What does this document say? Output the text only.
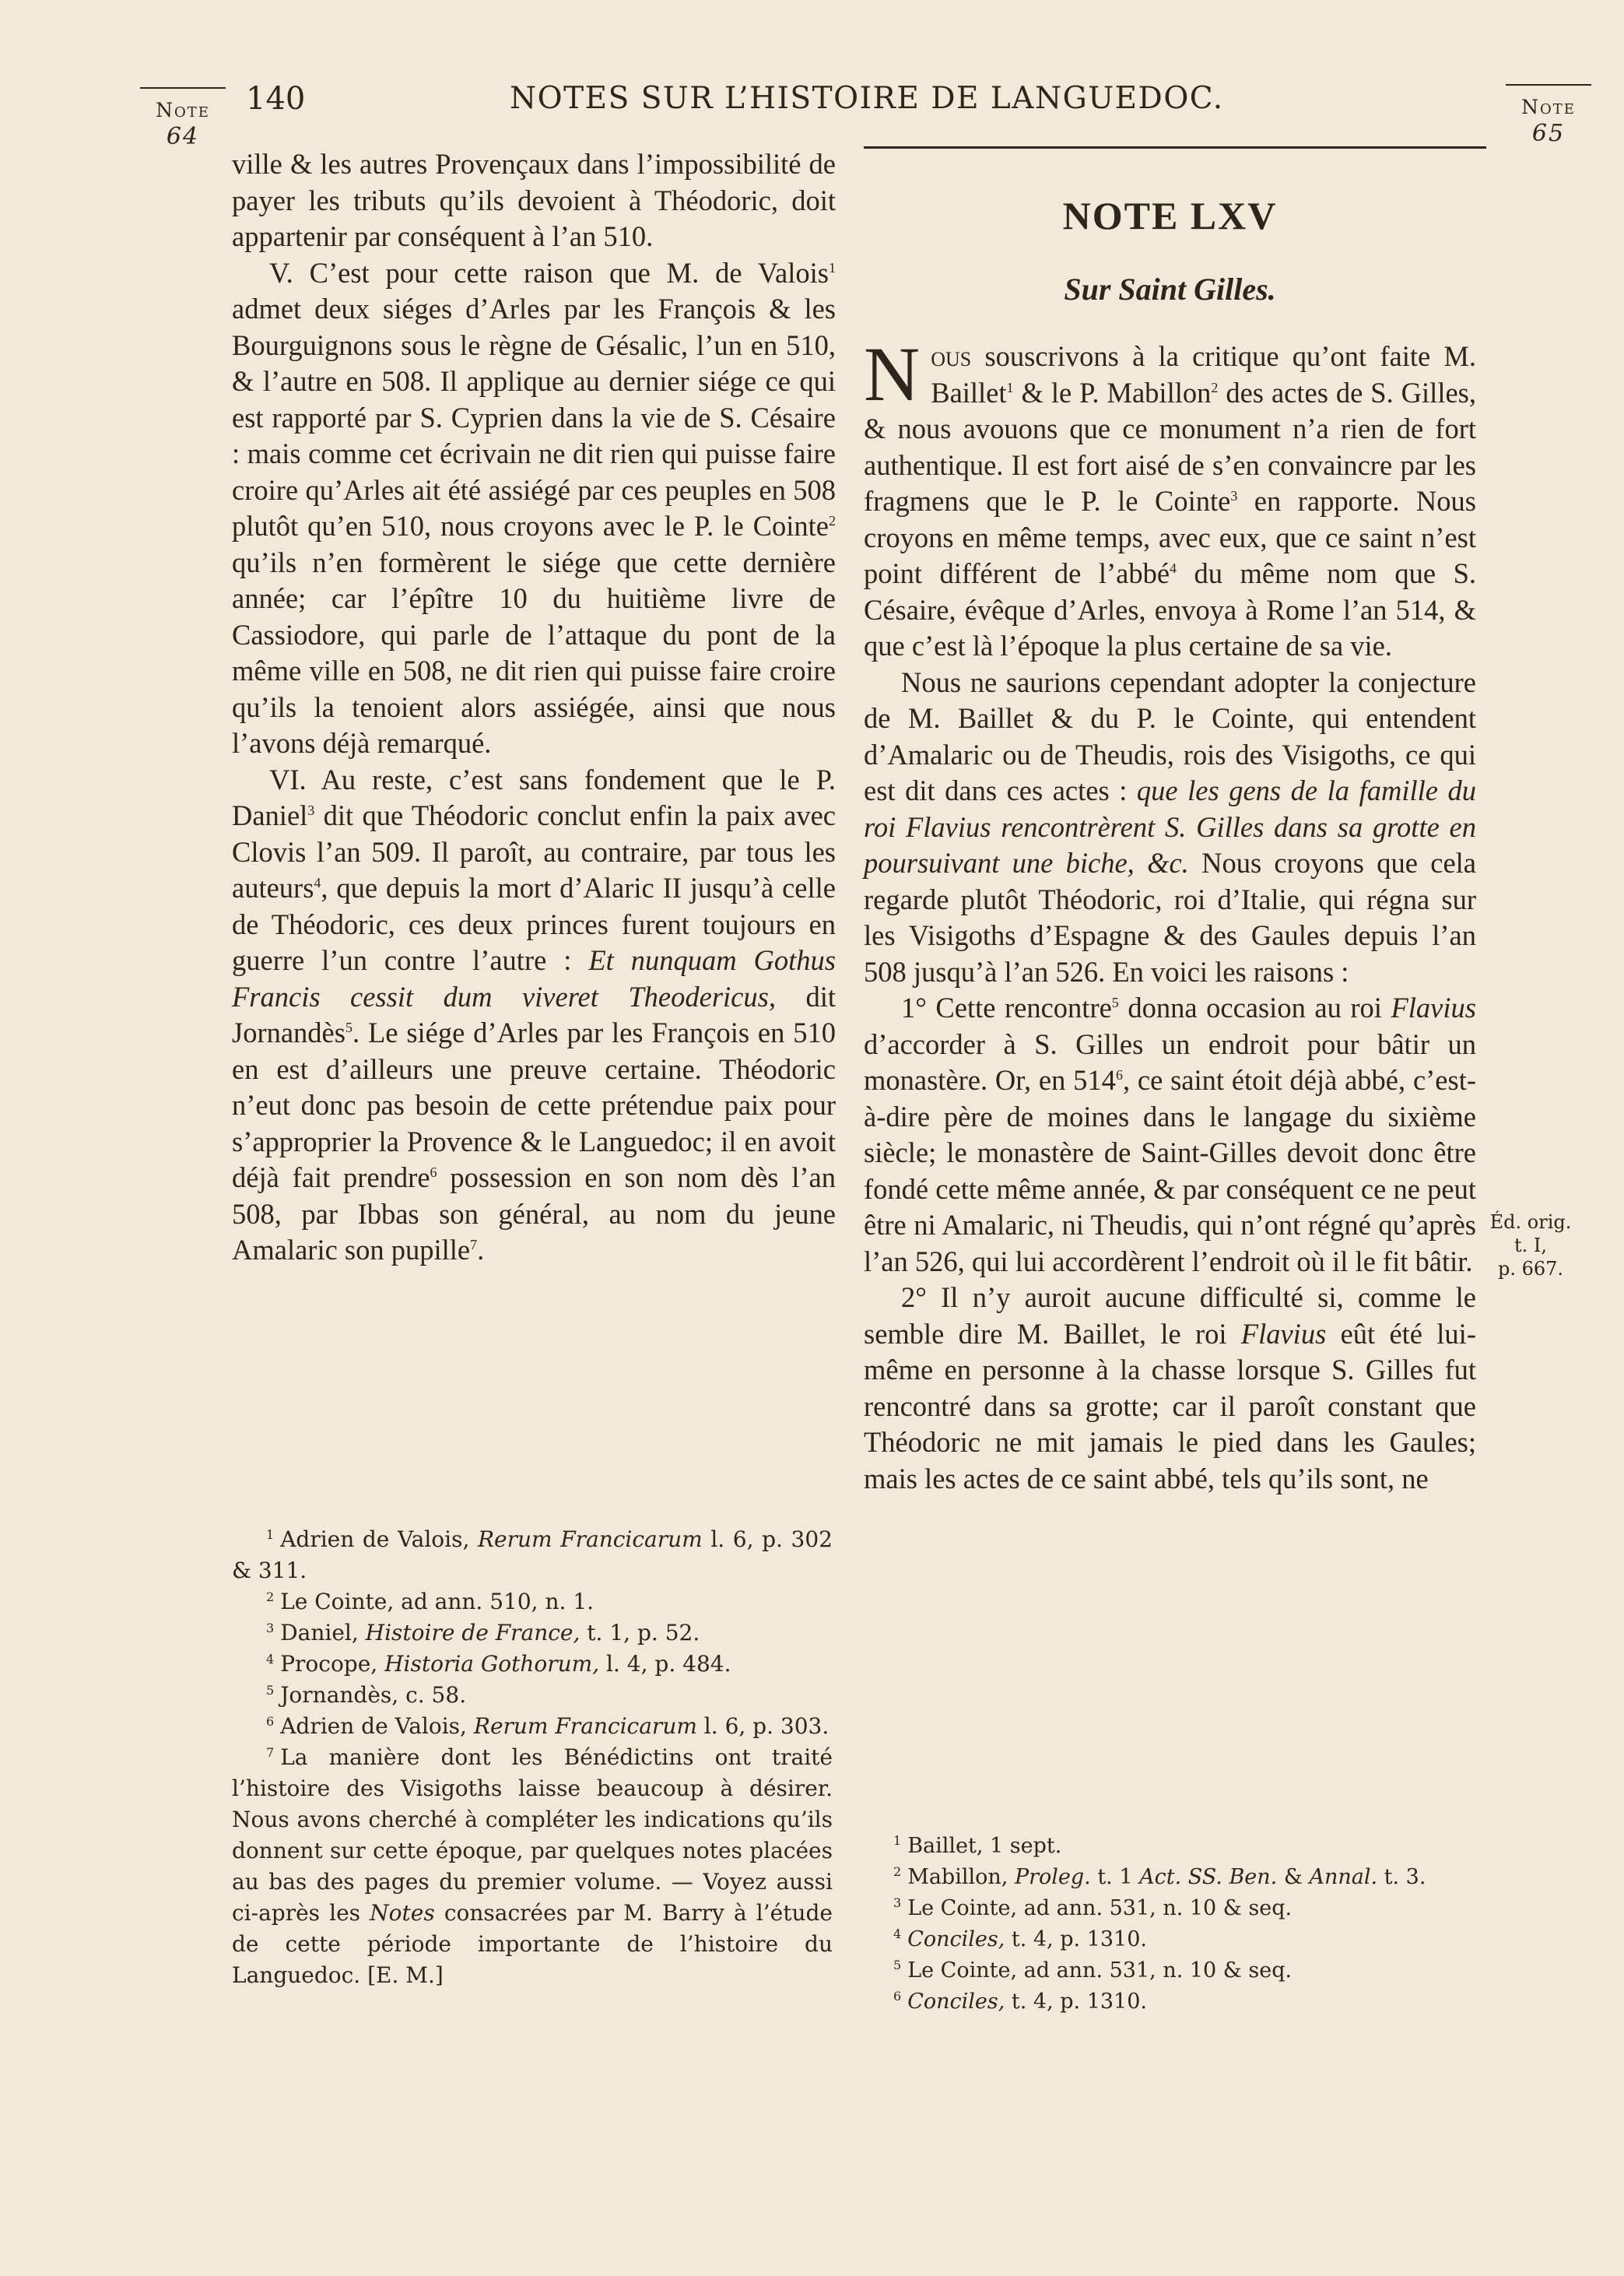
Note
64
140	NOTES SUR L’HISTOIRE DE LANGUEDOC.	Note
65

ville & les autres Provençaux dans l’impossibilité de payer les tributs qu’ils devoient à Théodoric, doit appartenir par conséquent à l’an 510.

V. C’est pour cette raison que M. de Valois$^1$ admet deux siéges d’Arles par les François & les Bourguignons sous le règne de Gésalic, l’un en 510, & l’autre en 508. Il applique au dernier siége ce qui est rapporté par S. Cyprien dans la vie de S. Césaire : mais comme cet écrivain ne dit rien qui puisse faire croire qu’Arles ait été assiégé par ces peuples en 508 plutôt qu’en 510, nous croyons avec le P. le Cointe$^2$ qu’ils n’en formèrent le siége que cette dernière année; car l’épître 10 du huitième livre de Cassiodore, qui parle de l’attaque du pont de la même ville en 508, ne dit rien qui puisse faire croire qu’ils la tenoient alors assiégée, ainsi que nous l’avons déjà remarqué.

VI. Au reste, c’est sans fondement que le P. Daniel$^3$ dit que Théodoric conclut enfin la paix avec Clovis l’an 509. Il paroît, au contraire, par tous les auteurs$^4$, que depuis la mort d’Alaric II jusqu’à celle de Théodoric, ces deux princes furent toujours en guerre l’un contre l’autre : Et nunquam Gothus Francis cessit dum viveret Theodericus, dit Jornandès$^5$. Le siége d’Arles par les François en 510 en est d’ailleurs une preuve certaine. Théodoric n’eut donc pas besoin de cette prétendue paix pour s’approprier la Provence & le Languedoc; il en avoit déjà fait prendre$^6$ possession en son nom dès l’an 508, par Ibbas son général, au nom du jeune Amalaric son pupille$^7$.

$^1$ Adrien de Valois, Rerum Francicarum l. 6, p. 302 & 311.
$^2$ Le Cointe, ad ann. 510, n. 1.
$^3$ Daniel, Histoire de France, t. 1, p. 52.
$^4$ Procope, Historia Gothorum, l. 4, p. 484.
$^5$ Jornandès, c. 58.
$^6$ Adrien de Valois, Rerum Francicarum l. 6, p. 303.
$^7$ La manière dont les Bénédictins ont traité l’histoire des Visigoths laisse beaucoup à désirer. Nous avons cherché à compléter les indications qu’ils donnent sur cette époque, par quelques notes placées au bas des pages du premier volume. — Voyez aussi ci-après les Notes consacrées par M. Barry à l’étude de cette période importante de l’histoire du Languedoc. [E. M.]
NOTE LXV
Sur Saint Gilles.

Nous souscrivons à la critique qu’ont faite M. Baillet$^1$ & le P. Mabillon$^2$ des actes de S. Gilles, & nous avouons que ce monument n’a rien de fort authentique. Il est fort aisé de s’en convaincre par les fragmens que le P. le Cointe$^3$ en rapporte. Nous croyons en même temps, avec eux, que ce saint n’est point différent de l’abbé$^4$ du même nom que S. Césaire, évêque d’Arles, envoya à Rome l’an 514, & que c’est là l’époque la plus certaine de sa vie.

Nous ne saurions cependant adopter la conjecture de M. Baillet & du P. le Cointe, qui entendent d’Amalaric ou de Theudis, rois des Visigoths, ce qui est dit dans ces actes : que les gens de la famille du roi Flavius rencontrèrent S. Gilles dans sa grotte en poursuivant une biche, &c. Nous croyons que cela regarde plutôt Théodoric, roi d’Italie, qui régna sur les Visigoths d’Espagne & des Gaules depuis l’an 508 jusqu’à l’an 526. En voici les raisons :

1° Cette rencontre$^5$ donna occasion au roi Flavius d’accorder à S. Gilles un endroit pour bâtir un monastère. Or, en $514^6$, ce saint étoit déjà abbé, c’est-à-dire père de moines dans le langage du sixième siècle; le monastère de Saint-Gilles devoit donc être fondé cette même année, & par conséquent ce ne peut être ni Amalaric, ni Theudis, qui n’ont régné qu’après l’an 526, qui lui accordèrent l’endroit où il le fit bâtir.

2° Il n’y auroit aucune difficulté si, comme le semble dire M. Baillet, le roi Flavius eût été lui-même en personne à la chasse lorsque S. Gilles fut rencontré dans sa grotte; car il paroît constant que Théodoric ne mit jamais le pied dans les Gaules; mais les actes de ce saint abbé, tels qu’ils sont, ne

Éd. orig.
t. I,
p. 667.
$^1$ Baillet, 1 sept.
$^2$ Mabillon, Proleg. t. 1 Act. SS. Ben. & Annal. t. 3.
$^3$ Le Cointe, ad ann. 531, n. 10 & seq.
$^4$ Conciles, t. 4, p. 1310.
$^5$ Le Cointe, ad ann. 531, n. 10 & seq.
$^6$ Conciles, t. 4, p. 1310.
